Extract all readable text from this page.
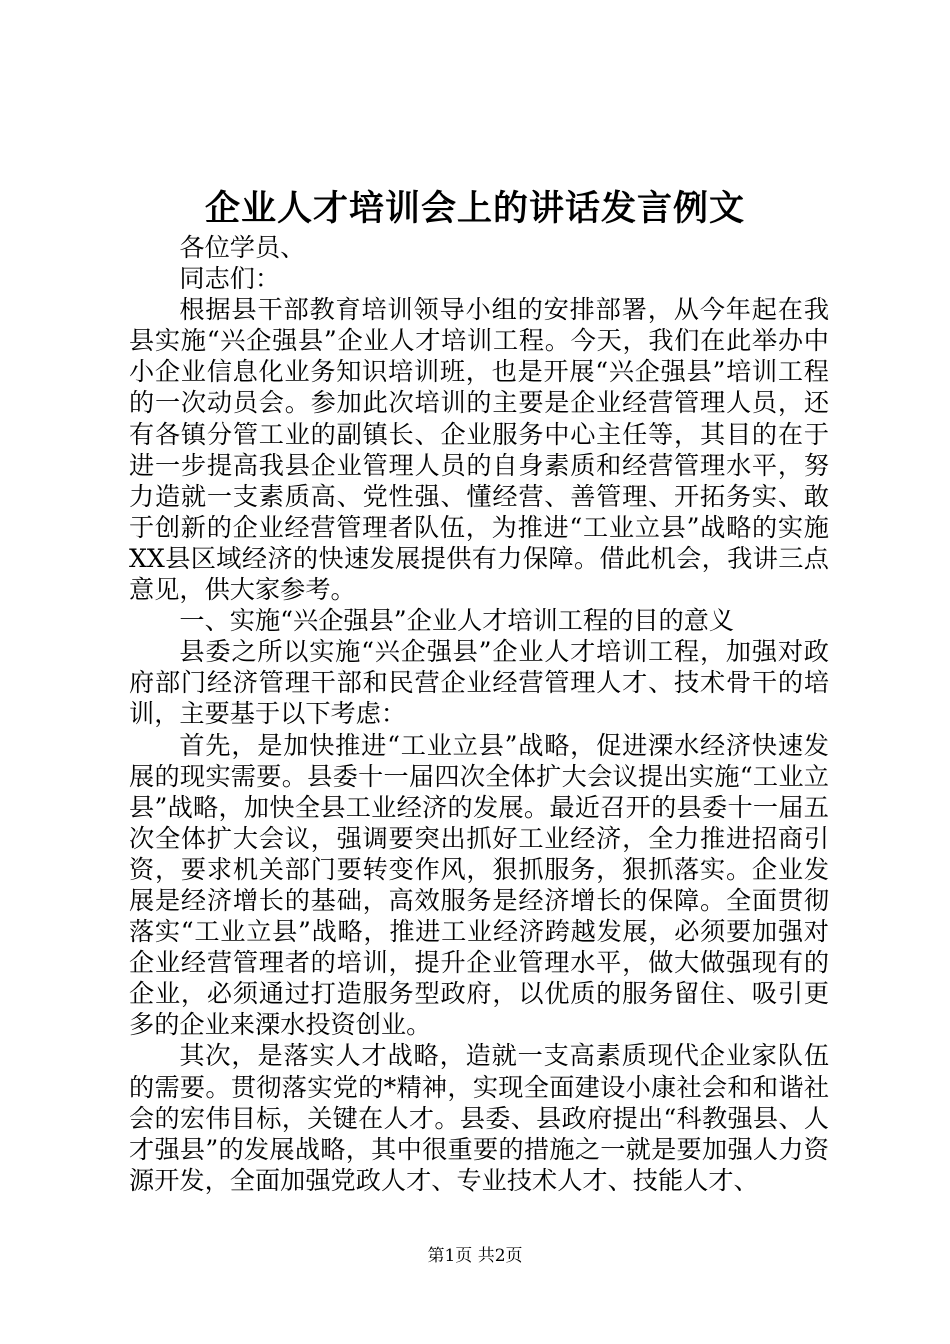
企业人才培训会上的讲话发言例文

各位学员、

同志们：

根据县干部教育培训领导小组的安排部署，从今年起在我县实施“兴企强县”企业人才培训工程。今天，我们在此举办中小企业信息化业务知识培训班，也是开展“兴企强县”培训工程的一次动员会。参加此次培训的主要是企业经营管理人员，还有各镇分管工业的副镇长、企业服务中心主任等，其目的在于进一步提高我县企业管理人员的自身素质和经营管理水平，努力造就一支素质高、党性强、懂经营、善管理、开拓务实、敢于创新的企业经营管理者队伍，为推进“工业立县”战略的实施XX县区域经济的快速发展提供有力保障。借此机会，我讲三点意见，供大家参考。

一、实施“兴企强县”企业人才培训工程的目的意义

县委之所以实施“兴企强县”企业人才培训工程，加强对政府部门经济管理干部和民营企业经营管理人才、技术骨干的培训，主要基于以下考虑：

首先，是加快推进“工业立县”战略，促进溧水经济快速发展的现实需要。县委十一届四次全体扩大会议提出实施“工业立县”战略，加快全县工业经济的发展。最近召开的县委十一届五次全体扩大会议，强调要突出抓好工业经济，全力推进招商引资，要求机关部门要转变作风，狠抓服务，狠抓落实。企业发展是经济增长的基础，高效服务是经济增长的保障。全面贯彻落实“工业立县”战略，推进工业经济跨越发展，必须要加强对企业经营管理者的培训，提升企业管理水平，做大做强现有的企业，必须通过打造服务型政府，以优质的服务留住、吸引更多的企业来溧水投资创业。

其次，是落实人才战略，造就一支高素质现代企业家队伍的需要。贯彻落实党的*精神，实现全面建设小康社会和和谐社会的宏伟目标，关键在人才。县委、县政府提出“科教强县、人才强县”的发展战略，其中很重要的措施之一就是要加强人力资源开发，全面加强党政人才、专业技术人才、技能人才、

第1页 共2页
